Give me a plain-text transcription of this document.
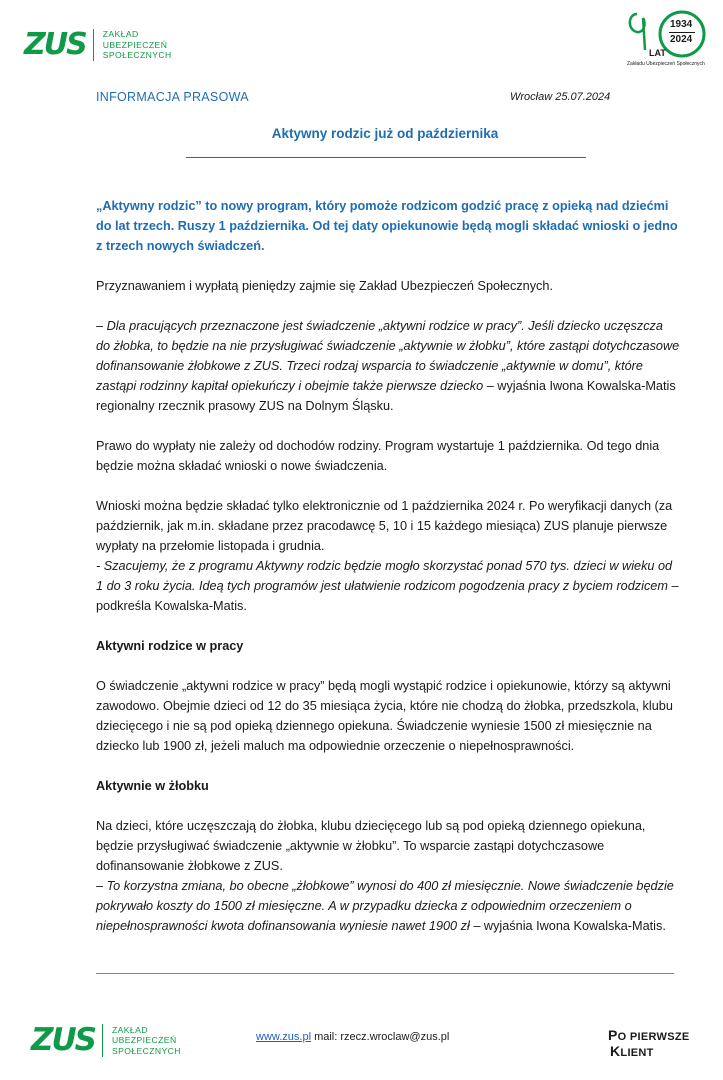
ZUS ZAKŁAD
UBEZPIECZEŃ
SPOŁECZNYCH
1934
2024
LAT
Zakładu Ubezpieczeń Społecznych
INFORMACJA PRASOWA	Wrocław 25.07.2024
Aktywny rodzic już od października

„Aktywny rodzic” to nowy program, który pomoże rodzicom godzić pracę z opieką nad dziećmi do lat trzech. Ruszy 1 października. Od tej daty opiekunowie będą mogli składać wnioski o jedno z trzech nowych świadczeń.

Przyznawaniem i wypłatą pieniędzy zajmie się Zakład Ubezpieczeń Społecznych.

– Dla pracujących przeznaczone jest świadczenie „aktywni rodzice w pracy”. Jeśli dziecko uczęszcza do żłobka, to będzie na nie przysługiwać świadczenie „aktywnie w żłobku”, które zastąpi dotychczasowe dofinansowanie żłobkowe z ZUS. Trzeci rodzaj wsparcia to świadczenie „aktywnie w domu”, które zastąpi rodzinny kapitał opiekuńczy i obejmie także pierwsze dziecko – wyjaśnia Iwona Kowalska-Matis regionalny rzecznik prasowy ZUS na Dolnym Śląsku.

Prawo do wypłaty nie zależy od dochodów rodziny. Program wystartuje 1 października. Od tego dnia będzie można składać wnioski o nowe świadczenia.

Wnioski można będzie składać tylko elektronicznie od 1 października 2024 r. Po weryfikacji danych (za październik, jak m.in. składane przez pracodawcę 5, 10 i 15 każdego miesiąca) ZUS planuje pierwsze wypłaty na przełomie listopada i grudnia.

- Szacujemy, że z programu Aktywny rodzic będzie mogło skorzystać ponad 570 tys. dzieci w wieku od 1 do 3 roku życia. Ideą tych programów jest ułatwienie rodzicom pogodzenia pracy z byciem rodzicem – podkreśla Kowalska-Matis.

Aktywni rodzice w pracy

O świadczenie „aktywni rodzice w pracy” będą mogli wystąpić rodzice i opiekunowie, którzy są aktywni zawodowo. Obejmie dzieci od 12 do 35 miesiąca życia, które nie chodzą do żłobka, przedszkola, klubu dziecięcego i nie są pod opieką dziennego opiekuna. Świadczenie wyniesie 1500 zł miesięcznie na dziecko lub 1900 zł, jeżeli maluch ma odpowiednie orzeczenie o niepełnosprawności.

Aktywnie w żłobku

Na dzieci, które uczęszczają do żłobka, klubu dziecięcego lub są pod opieką dziennego opiekuna, będzie przysługiwać świadczenie „aktywnie w żłobku”. To wsparcie zastąpi dotychczasowe dofinansowanie żłobkowe z ZUS.

– To korzystna zmiana, bo obecne „żłobkowe” wynosi do 400 zł miesięcznie. Nowe świadczenie będzie pokrywało koszty do 1500 zł miesięczne. A w przypadku dziecka z odpowiednim orzeczeniem o niepełnosprawności kwota dofinansowania wyniesie nawet 1900 zł – wyjaśnia Iwona Kowalska-Matis.

ZUS ZAKŁAD
UBEZPIECZEŃ
SPOŁECZNYCH
www.zus.pl mail: rzecz.wroclaw@zus.pl	PO PIERWSZE
KLIENT
